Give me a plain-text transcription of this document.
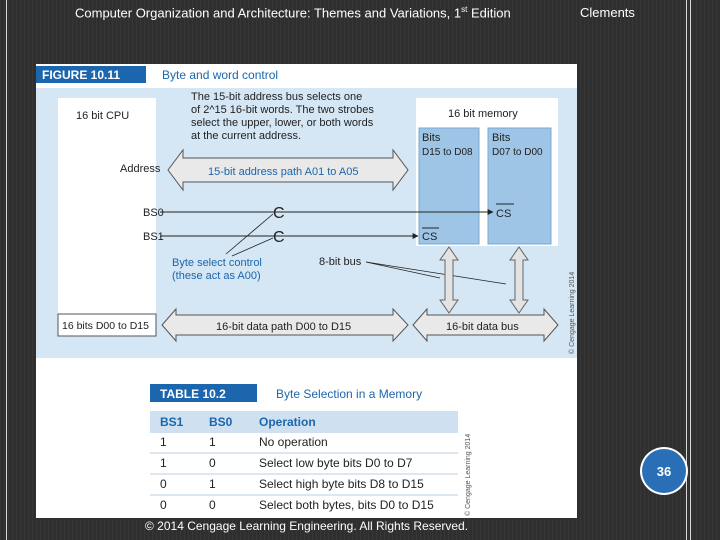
Computer Organization and Architecture: Themes and Variations, 1st Edition	Clements
FIGURE 10.11	Byte and word control
16 bit CPU	16 bit memory
Bits
D15 to D08
Bits
D07 to D00
The 15-bit address bus selects one
of 2^15 16-bit words. The two strobes
select the upper, lower, or both words
at the current address.
Address	15-bit address path A01 to A05
BS0	C
BS1	C
CS
CS
Byte select control
(these act as A00)
8-bit bus
16 bits D00 to D15	16-bit data path D00 to D15	16-bit data bus	© Cengage Learning 2014
TABLE 10.2	Byte Selection in a Memory
BS1 BS0 Operation
1	1	No operation
1	0	Select low byte bits D0 to D7
0	1	Select high byte bits D8 to D15
0	0	Select both bytes, bits D0 to D15	© Cengage Learning 2014
© 2014 Cengage Learning Engineering. All Rights Reserved.
36
